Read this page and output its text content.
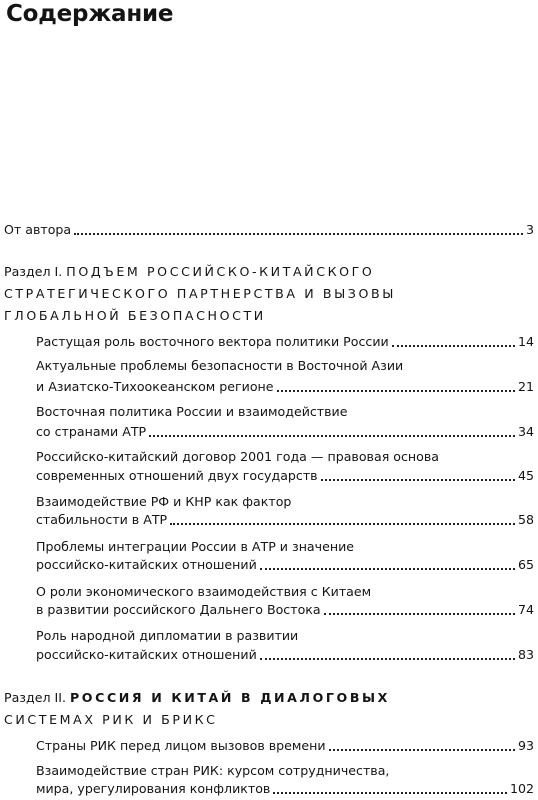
Содержание
От автора	3
Раздел I. ПОДЪЕМ РОССИЙСКО-КИТАЙСКОГО
СТРАТЕГИЧЕСКОГО ПАРТНЕРСТВА И ВЫЗОВЫ
ГЛОБАЛЬНОЙ БЕЗОПАСНОСТИ
Растущая роль восточного вектора политики России	14
Актуальные проблемы безопасности в Восточной Азии
и Азиатско-Тихоокеанском регионе	21
Восточная политика России и взаимодействие
со странами АТР	34
Российско-китайский договор 2001 года — правовая основа
современных отношений двух государств	45
Взаимодействие РФ и КНР как фактор
стабильности в АТР	58
Проблемы интеграции России в АТР и значение
российско-китайских отношений	65
О роли экономического взаимодействия с Китаем
в развитии российского Дальнего Востока	74
Роль народной дипломатии в развитии
российско-китайских отношений	83
Раздел II. РОССИЯ И КИТАЙ В ДИАЛОГОВЫХ
СИСТЕМАХ РИК И БРИКС
Страны РИК перед лицом вызовов времени	93
Взаимодействие стран РИК: курсом сотрудничества,
мира, урегулирования конфликтов	102
